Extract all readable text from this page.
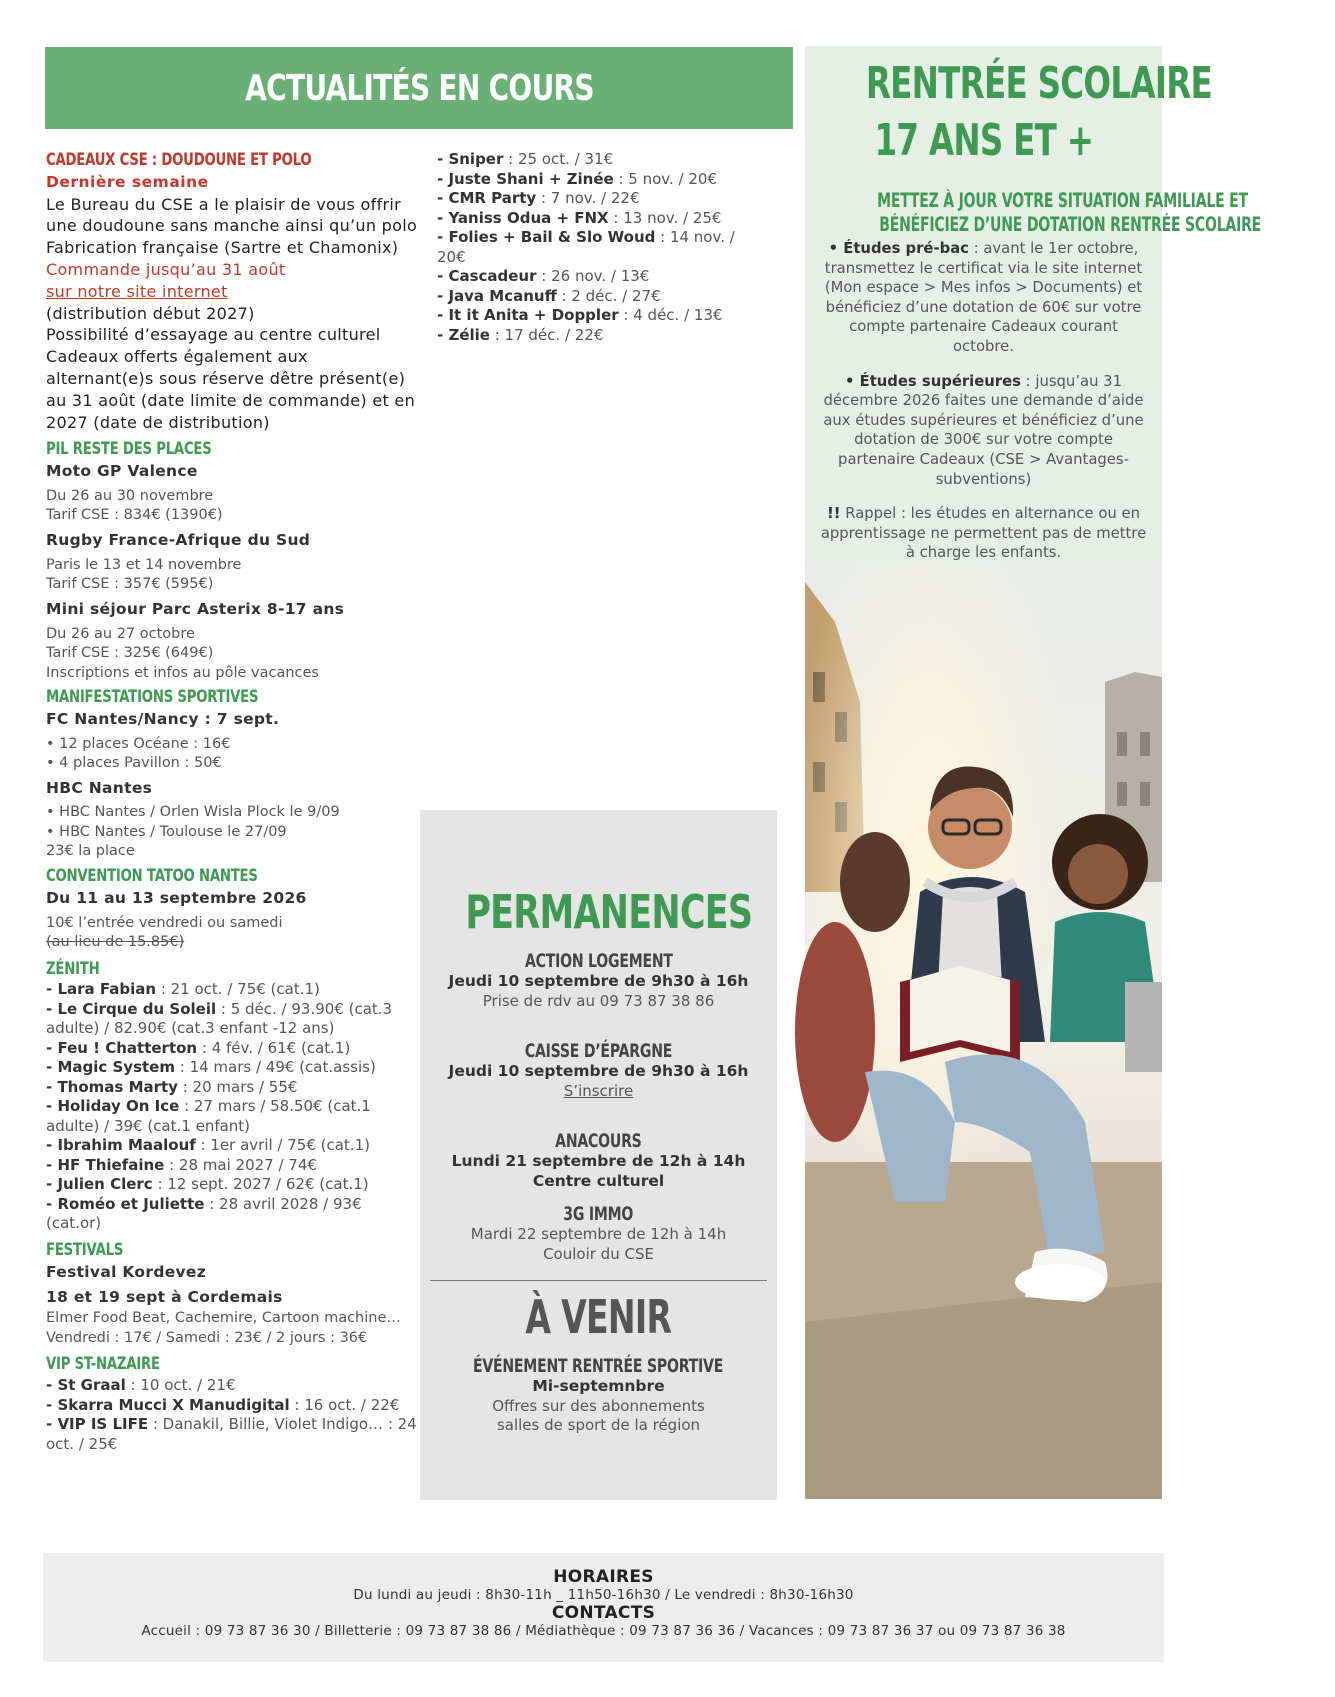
ACTUALITÉS EN COURS
CADEAUX CSE : DOUDOUNE ET POLO
Dernière semaine
Le Bureau du CSE a le plaisir de vous offrir
une doudoune sans manche ainsi qu’un polo
Fabrication française (Sartre et Chamonix)
Commande jusqu’au 31 août
sur notre site internet
(distribution début 2027)
Possibilité d’essayage au centre culturel
Cadeaux offerts également aux
alternant(e)s sous réserve dêtre présent(e)
au 31 août (date limite de commande) et en
2027 (date de distribution)
PIL RESTE DES PLACES
Moto GP Valence
Du 26 au 30 novembre
Tarif CSE : 834€ (1390€)
Rugby France-Afrique du Sud
Paris le 13 et 14 novembre
Tarif CSE : 357€ (595€)
Mini séjour Parc Asterix 8-17 ans
Du 26 au 27 octobre
Tarif CSE : 325€ (649€)
Inscriptions et infos au pôle vacances
MANIFESTATIONS SPORTIVES
FC Nantes/Nancy : 7 sept.
• 12 places Océane : 16€
• 4 places Pavillon : 50€
HBC Nantes
• HBC Nantes / Orlen Wisla Plock le 9/09
• HBC Nantes / Toulouse le 27/09
23€ la place
CONVENTION TATOO NANTES
Du 11 au 13 septembre 2026
10€ l’entrée vendredi ou samedi
(au lieu de 15.85€)
ZÉNITH
- Lara Fabian : 21 oct. / 75€ (cat.1)
- Le Cirque du Soleil : 5 déc. / 93.90€ (cat.3 adulte) / 82.90€ (cat.3 enfant -12 ans)
- Feu ! Chatterton : 4 fév. / 61€ (cat.1)
- Magic System : 14 mars / 49€ (cat.assis)
- Thomas Marty : 20 mars / 55€
- Holiday On Ice : 27 mars / 58.50€ (cat.1 adulte) / 39€ (cat.1 enfant)
- Ibrahim Maalouf : 1er avril / 75€ (cat.1)
- HF Thiefaine : 28 mai 2027 / 74€
- Julien Clerc : 12 sept. 2027 / 62€ (cat.1)
- Roméo et Juliette : 28 avril 2028 / 93€ (cat.or)
FESTIVALS
Festival Kordevez
18 et 19 sept à Cordemais
Elmer Food Beat, Cachemire, Cartoon machine…
Vendredi : 17€ / Samedi : 23€ / 2 jours : 36€
VIP ST-NAZAIRE
- St Graal : 10 oct. / 21€
- Skarra Mucci X Manudigital : 16 oct. / 22€
- VIP IS LIFE : Danakil, Billie, Violet Indigo… : 24 oct. / 25€
- Sniper : 25 oct. / 31€
- Juste Shani + Zinée : 5 nov. / 20€
- CMR Party : 7 nov. / 22€
- Yaniss Odua + FNX : 13 nov. / 25€
- Folies + Bail & Slo Woud : 14 nov. / 20€
- Cascadeur : 26 nov. / 13€
- Java Mcanuff : 2 déc. / 27€
- It it Anita + Doppler : 4 déc. / 13€
- Zélie : 17 déc. / 22€
PERMANENCES
ACTION LOGEMENT
Jeudi 10 septembre de 9h30 à 16h
Prise de rdv au 09 73 87 38 86
CAISSE D’ÉPARGNE
Jeudi 10 septembre de 9h30 à 16h
S’inscrire
ANACOURS
Lundi 21 septembre de 12h à 14h
Centre culturel
3G IMMO
Mardi 22 septembre de 12h à 14h
Couloir du CSE
À VENIR
ÉVÉNEMENT RENTRÉE SPORTIVE
Mi-septemnbre
Offres sur des abonnements
salles de sport de la région
RENTRÉE SCOLAIRE
17 ANS ET +
METTEZ À JOUR VOTRE SITUATION FAMILIALE ET
BÉNÉFICIEZ D’UNE DOTATION RENTRÉE SCOLAIRE

• Études pré-bac : avant le 1er octobre, transmettez le certificat via le site internet (Mon espace > Mes infos > Documents) et bénéficiez d’une dotation de 60€ sur votre compte partenaire Cadeaux courant octobre.

• Études supérieures : jusqu’au 31 décembre 2026 faites une demande d’aide aux études supérieures et bénéficiez d’une dotation de 300€ sur votre compte partenaire Cadeaux (CSE > Avantages-subventions)

!! Rappel : les études en alternance ou en apprentissage ne permettent pas de mettre à charge les enfants.

HORAIRES
Du lundi au jeudi : 8h30-11h _ 11h50-16h30 / Le vendredi : 8h30-16h30
CONTACTS
Accueil : 09 73 87 36 30 / Billetterie : 09 73 87 38 86 / Médiathèque : 09 73 87 36 36 / Vacances : 09 73 87 36 37 ou 09 73 87 36 38
